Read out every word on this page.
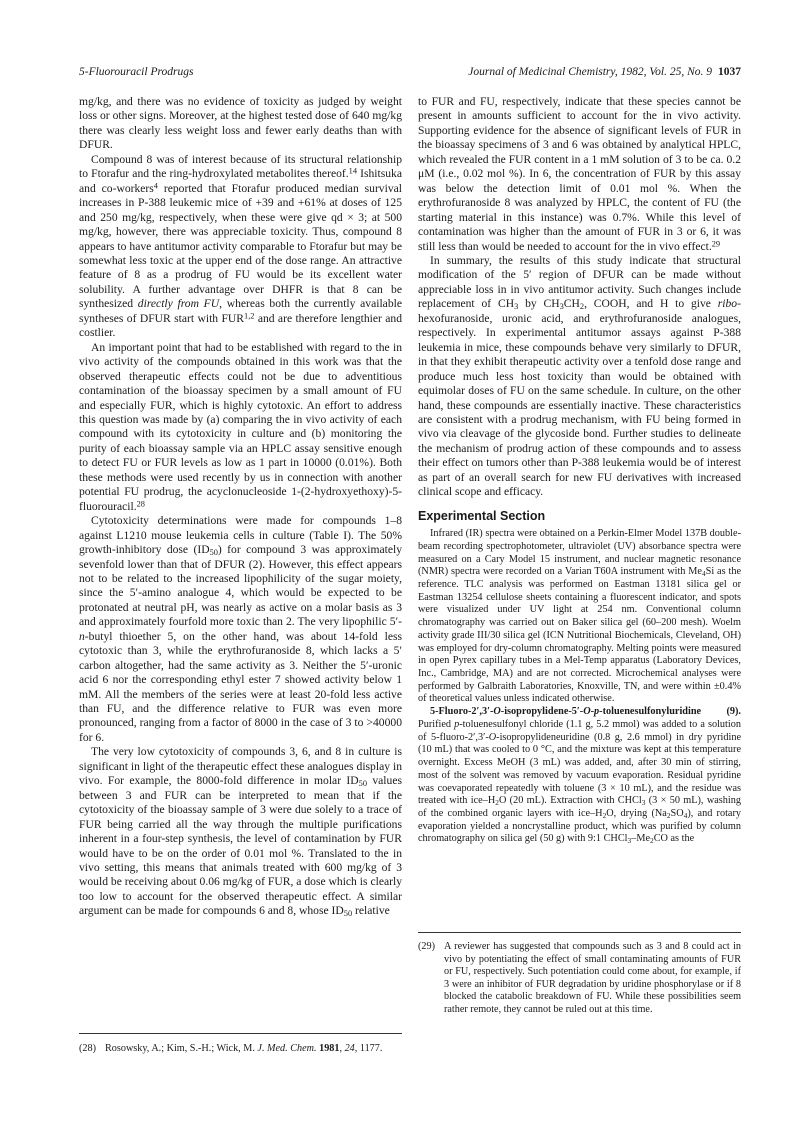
5-Fluorouracil Prodrugs	Journal of Medicinal Chemistry, 1982, Vol. 25, No. 9 1037

mg/kg, and there was no evidence of toxicity as judged by weight loss or other signs. Moreover, at the highest tested dose of 640 mg/kg there was clearly less weight loss and fewer early deaths than with DFUR.

Compound 8 was of interest because of its structural relationship to Ftorafur and the ring-hydroxylated metabolites thereof.$^{14}$ Ishitsuka and co-workers$^4$ reported that Ftorafur produced median survival increases in P-388 leukemic mice of +39 and +61% at doses of 125 and 250 mg/kg, respectively, when these were give qd × 3; at 500 mg/kg, however, there was appreciable toxicity. Thus, compound 8 appears to have antitumor activity comparable to Ftorafur but may be somewhat less toxic at the upper end of the dose range. An attractive feature of 8 as a prodrug of FU would be its excellent water solubility. A further advantage over DHFR is that 8 can be synthesized directly from FU, whereas both the currently available syntheses of DFUR start with FUR$^{1,2}$ and are therefore lengthier and costlier.

An important point that had to be established with regard to the in vivo activity of the compounds obtained in this work was that the observed therapeutic effects could not be due to adventitious contamination of the bioassay specimen by a small amount of FU and especially FUR, which is highly cytotoxic. An effort to address this question was made by (a) comparing the in vivo activity of each compound with its cytotoxicity in culture and (b) monitoring the purity of each bioassay sample via an HPLC assay sensitive enough to detect FU or FUR levels as low as 1 part in 10000 (0.01%). Both these methods were used recently by us in connection with another potential FU prodrug, the acyclonucleoside 1-(2-hydroxyethoxy)-5-fluorouracil.$^{28}$

Cytotoxicity determinations were made for compounds 1–8 against L1210 mouse leukemia cells in culture (Table I). The 50% growth-inhibitory dose $(ID_{50})$ for compound 3 was approximately sevenfold lower than that of DFUR (2). However, this effect appears not to be related to the increased lipophilicity of the sugar moiety, since the 5′-amino analogue 4, which would be expected to be protonated at neutral pH, was nearly as active on a molar basis as 3 and approximately fourfold more toxic than 2. The very lipophilic 5′-n-butyl thioether 5, on the other hand, was about 14-fold less cytotoxic than 3, while the erythrofuranoside 8, which lacks a 5′ carbon altogether, had the same activity as 3. Neither the 5′-uronic acid 6 nor the corresponding ethyl ester 7 showed activity below 1 mM. All the members of the series were at least 20-fold less active than FU, and the difference relative to FUR was even more pronounced, ranging from a factor of 8000 in the case of 3 to >40000 for 6.

The very low cytotoxicity of compounds 3, 6, and 8 in culture is significant in light of the therapeutic effect these analogues display in vivo. For example, the 8000-fold difference in molar $ID_{50}$ values between 3 and FUR can be interpreted to mean that if the cytotoxicity of the bioassay sample of 3 were due solely to a trace of FUR being carried all the way through the multiple purifications inherent in a four-step synthesis, the level of contamination by FUR would have to be on the order of 0.01 mol %. Translated to the in vivo setting, this means that animals treated with 600 mg/kg of 3 would be receiving about 0.06 mg/kg of FUR, a dose which is clearly too low to account for the observed therapeutic effect. A similar argument can be made for compounds 6 and 8, whose $ID_{50}$ relative

(28) Rosowsky, A.; Kim, S.-H.; Wick, M. J. Med. Chem. 1981, 24, 1177.

to FUR and FU, respectively, indicate that these species cannot be present in amounts sufficient to account for the in vivo activity. Supporting evidence for the absence of significant levels of FUR in the bioassay specimens of 3 and 6 was obtained by analytical HPLC, which revealed the FUR content in a 1 mM solution of 3 to be ca. 0.2 μM (i.e., 0.02 mol %). In 6, the concentration of FUR by this assay was below the detection limit of 0.01 mol %. When the erythrofuranoside 8 was analyzed by HPLC, the content of FU (the starting material in this instance) was 0.7%. While this level of contamination was higher than the amount of FUR in 3 or 6, it was still less than would be needed to account for the in vivo effect.$^{29}$

In summary, the results of this study indicate that structural modification of the 5′ region of DFUR can be made without appreciable loss in in vivo antitumor activity. Such changes include replacement of $CH_3$ by $CH_3CH_2$, COOH, and H to give ribo-hexofuranoside, uronic acid, and erythrofuranoside analogues, respectively. In experimental antitumor assays against P-388 leukemia in mice, these compounds behave very similarly to DFUR, in that they exhibit therapeutic activity over a tenfold dose range and produce much less host toxicity than would be obtained with equimolar doses of FU on the same schedule. In culture, on the other hand, these compounds are essentially inactive. These characteristics are consistent with a prodrug mechanism, with FU being formed in vivo via cleavage of the glycoside bond. Further studies to delineate the mechanism of prodrug action of these compounds and to assess their effect on tumors other than P-388 leukemia would be of interest as part of an overall search for new FU derivatives with increased clinical scope and efficacy.

Experimental Section

Infrared (IR) spectra were obtained on a Perkin-Elmer Model 137B double-beam recording spectrophotometer, ultraviolet (UV) absorbance spectra were measured on a Cary Model 15 instrument, and nuclear magnetic resonance (NMR) spectra were recorded on a Varian T60A instrument with $Me_4Si$ as the reference. TLC analysis was performed on Eastman 13181 silica gel or Eastman 13254 cellulose sheets containing a fluorescent indicator, and spots were visualized under UV light at 254 nm. Conventional column chromatography was carried out on Baker silica gel (60–200 mesh). Woelm activity grade III/30 silica gel (ICN Nutritional Biochemicals, Cleveland, OH) was employed for dry-column chromatography. Melting points were measured in open Pyrex capillary tubes in a Mel-Temp apparatus (Laboratory Devices, Inc., Cambridge, MA) and are not corrected. Microchemical analyses were performed by Galbraith Laboratories, Knoxville, TN, and were within ±0.4% of theoretical values unless indicated otherwise.

5-Fluoro-2′,3′-O-isopropylidene-5′-O-p-toluenesulfonyluridine (9). Purified p-toluenesulfonyl chloride (1.1 g, 5.2 mmol) was added to a solution of 5-fluoro-2′,3′-O-isopropylideneuridine (0.8 g, 2.6 mmol) in dry pyridine (10 mL) that was cooled to 0 °C, and the mixture was kept at this temperature overnight. Excess MeOH (3 mL) was added, and, after 30 min of stirring, most of the solvent was removed by vacuum evaporation. Residual pyridine was coevaporated repeatedly with toluene (3 × 10 mL), and the residue was treated with ice–$H_2O$ (20 mL). Extraction with CHCl$_3$ (3 × 50 mL), washing of the combined organic layers with ice–$H_2O$, drying $(Na_2SO_4)$, and rotary evaporation yielded a noncrystalline product, which was purified by column chromatography on silica gel (50 g) with 9:1 $CHCl_3-Me_2CO$ as the

(29) A reviewer has suggested that compounds such as 3 and 8 could act in vivo by potentiating the effect of small contaminating amounts of FUR or FU, respectively. Such potentiation could come about, for example, if 3 were an inhibitor of FUR degradation by uridine phosphorylase or if 8 blocked the catabolic breakdown of FU. While these possibilities seem rather remote, they cannot be ruled out at this time.
